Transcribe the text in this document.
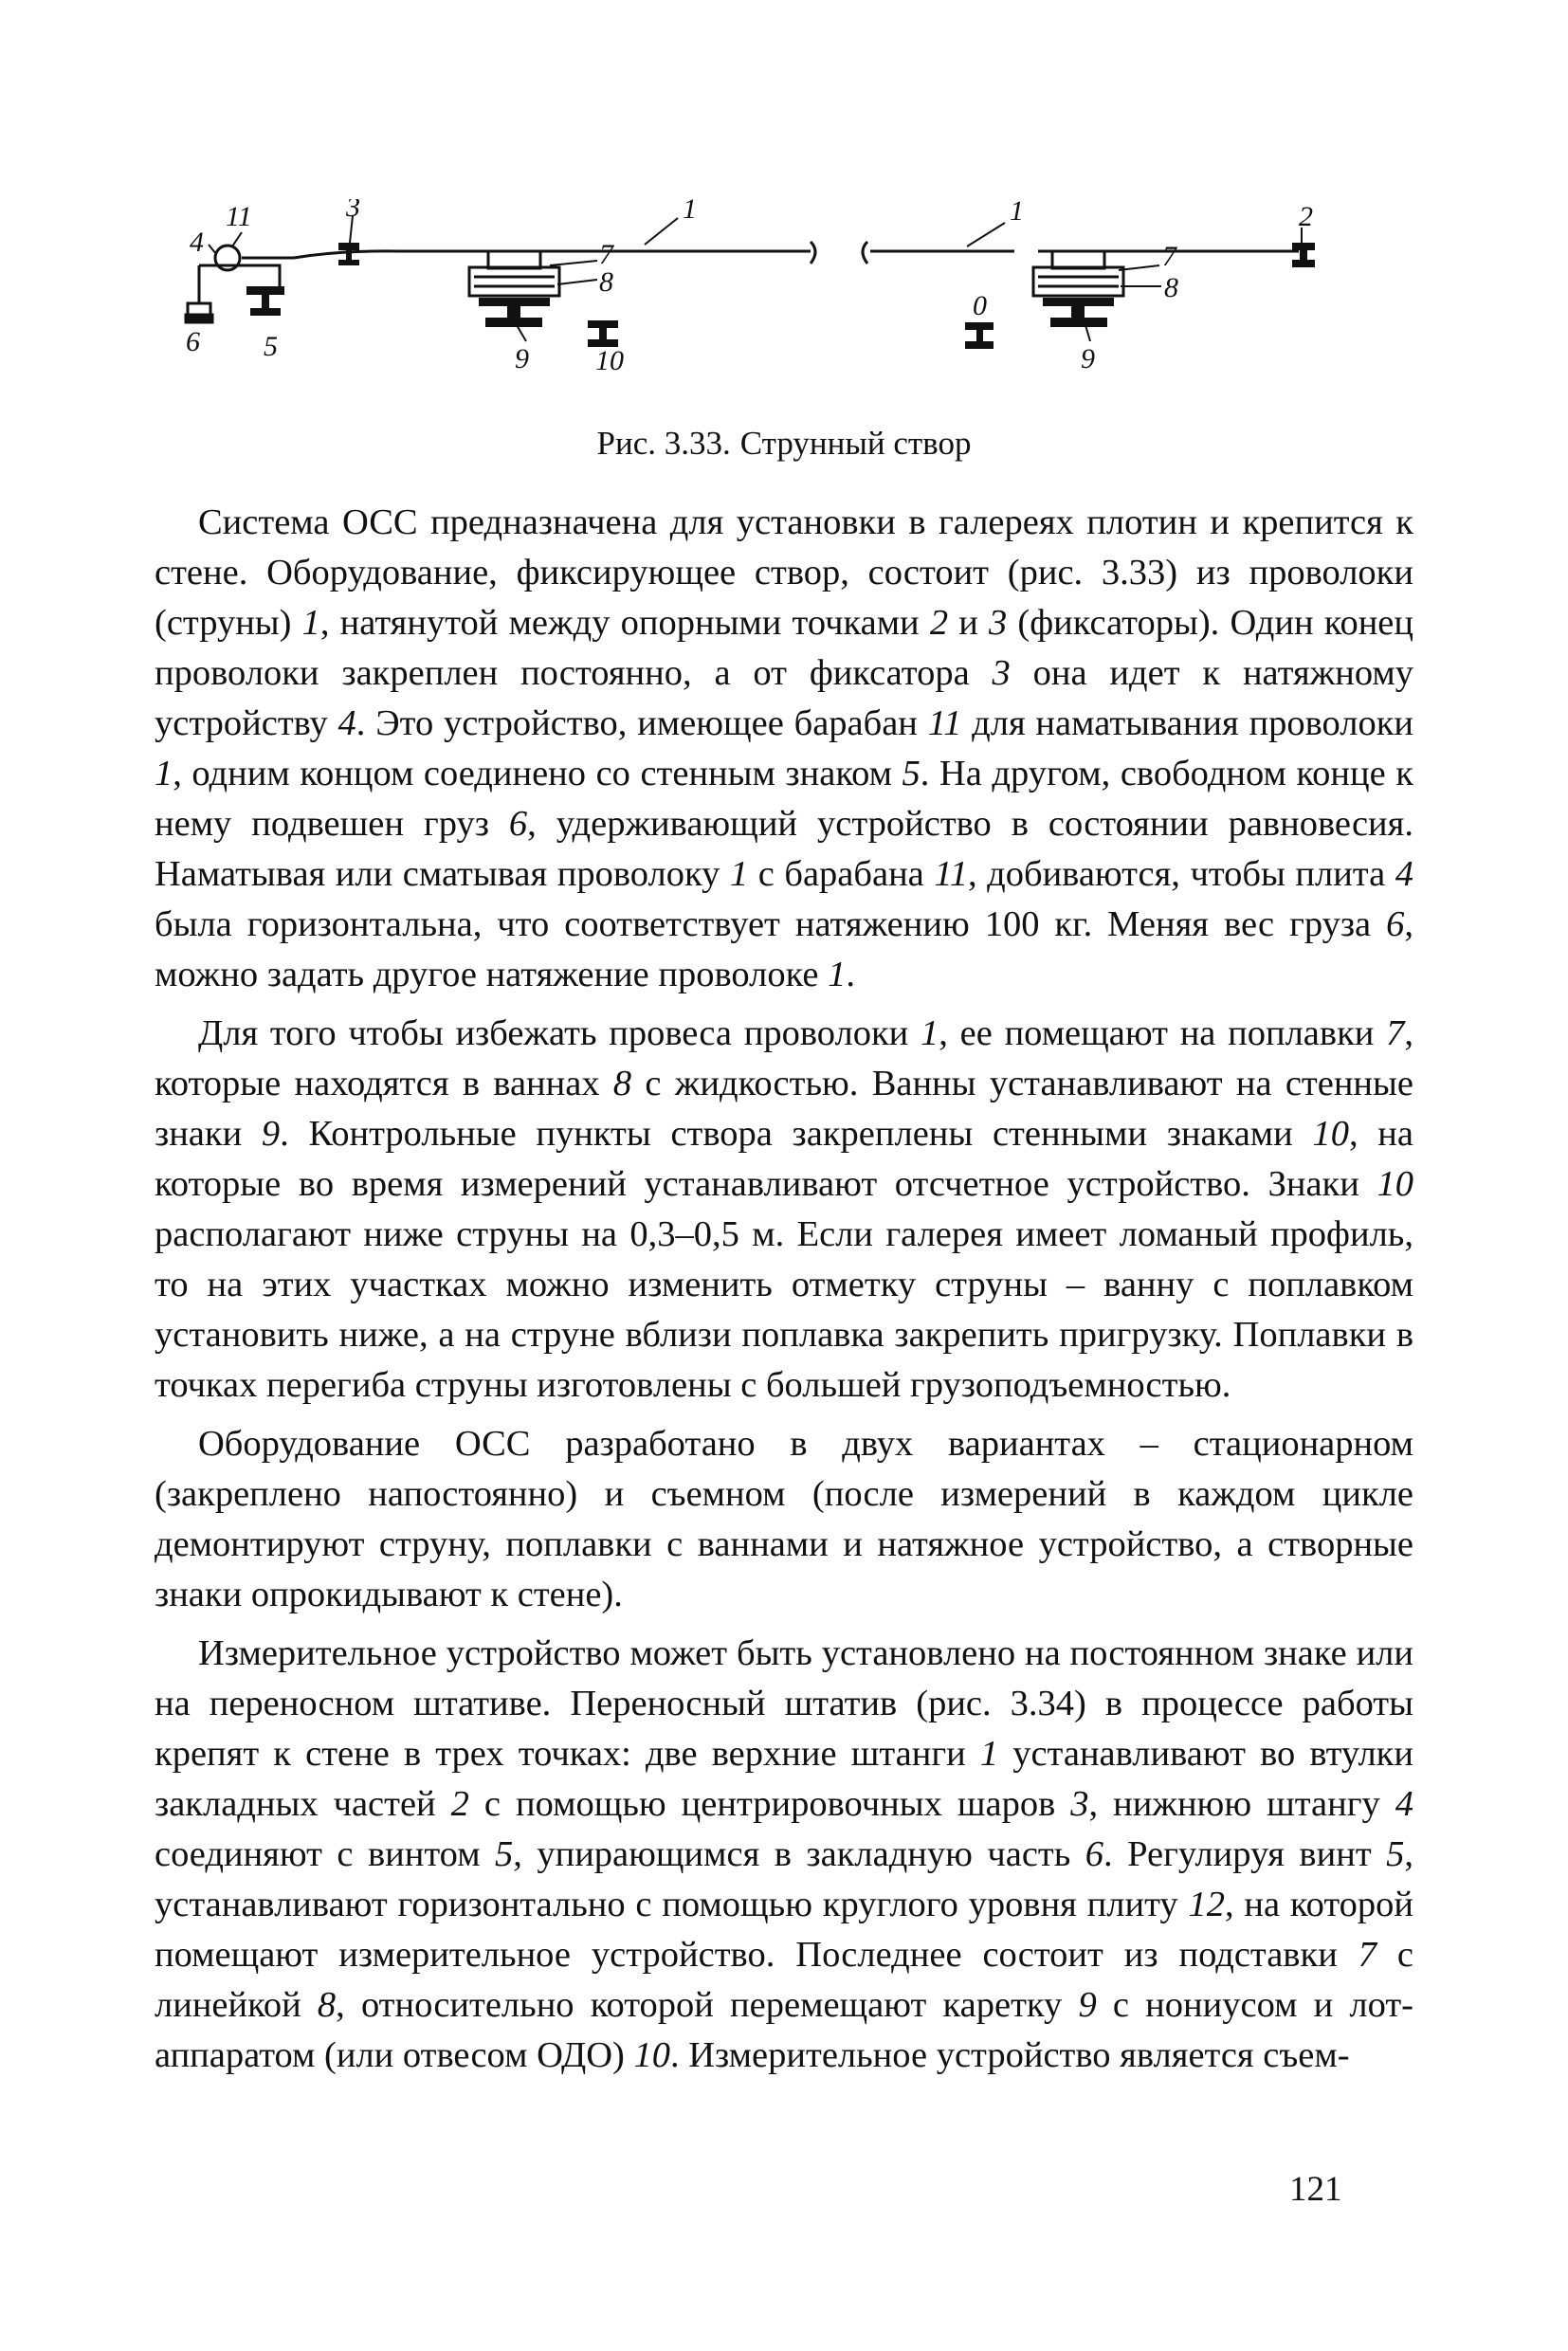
11	3
4
6 5
1
7
8
9 10
1
0
7
8
9
2
Рис. 3.33. Струнный створ

Система ОСС предназначена для установки в галереях плотин и крепится к стене. Оборудование, фиксирующее створ, состоит (рис. 3.33) из проволоки (струны) 1, натянутой между опорными точками 2 и 3 (фиксаторы). Один конец проволоки закреплен постоянно, а от фиксатора 3 она идет к натяжному устройству 4. Это устройство, имеющее барабан 11 для наматывания проволоки 1, одним концом соединено со стенным знаком 5. На другом, свободном конце к нему подвешен груз 6, удерживающий устройство в состоянии равновесия. Наматывая или сматывая проволоку 1 с барабана 11, добиваются, чтобы плита 4 была горизонтальна, что соответствует натяжению 100 кг. Меняя вес груза 6, можно задать другое натяжение проволоке 1.

Для того чтобы избежать провеса проволоки 1, ее помещают на поплавки 7, которые находятся в ваннах 8 с жидкостью. Ванны устанавливают на стенные знаки 9. Контрольные пункты створа закреплены стенными знаками 10, на которые во время измерений устанавливают отсчетное устройство. Знаки 10 располагают ниже струны на 0,3–0,5 м. Если галерея имеет ломаный профиль, то на этих участках можно изменить отметку струны – ванну с поплавком установить ниже, а на струне вблизи поплавка закрепить пригрузку. Поплавки в точках перегиба струны изготовлены с большей грузоподъемностью.

Оборудование ОСС разработано в двух вариантах – стационарном (закреплено напостоянно) и съемном (после измерений в каждом цикле демонтируют струну, поплавки с ваннами и натяжное устройство, а створные знаки опрокидывают к стене).

Измерительное устройство может быть установлено на постоянном знаке или на переносном штативе. Переносный штатив (рис. 3.34) в процессе работы крепят к стене в трех точках: две верхние штанги 1 устанавливают во втулки закладных частей 2 с помощью центрировочных шаров 3, нижнюю штангу 4 соединяют с винтом 5, упирающимся в закладную часть 6. Регулируя винт 5, устанавливают горизонтально с помощью круглого уровня плиту 12, на которой помещают измерительное устройство. Последнее состоит из подставки 7 с линейкой 8, относительно которой перемещают каретку 9 с нониусом и лот-аппаратом (или отвесом ОДО) 10. Измерительное устройство является съем-

121
